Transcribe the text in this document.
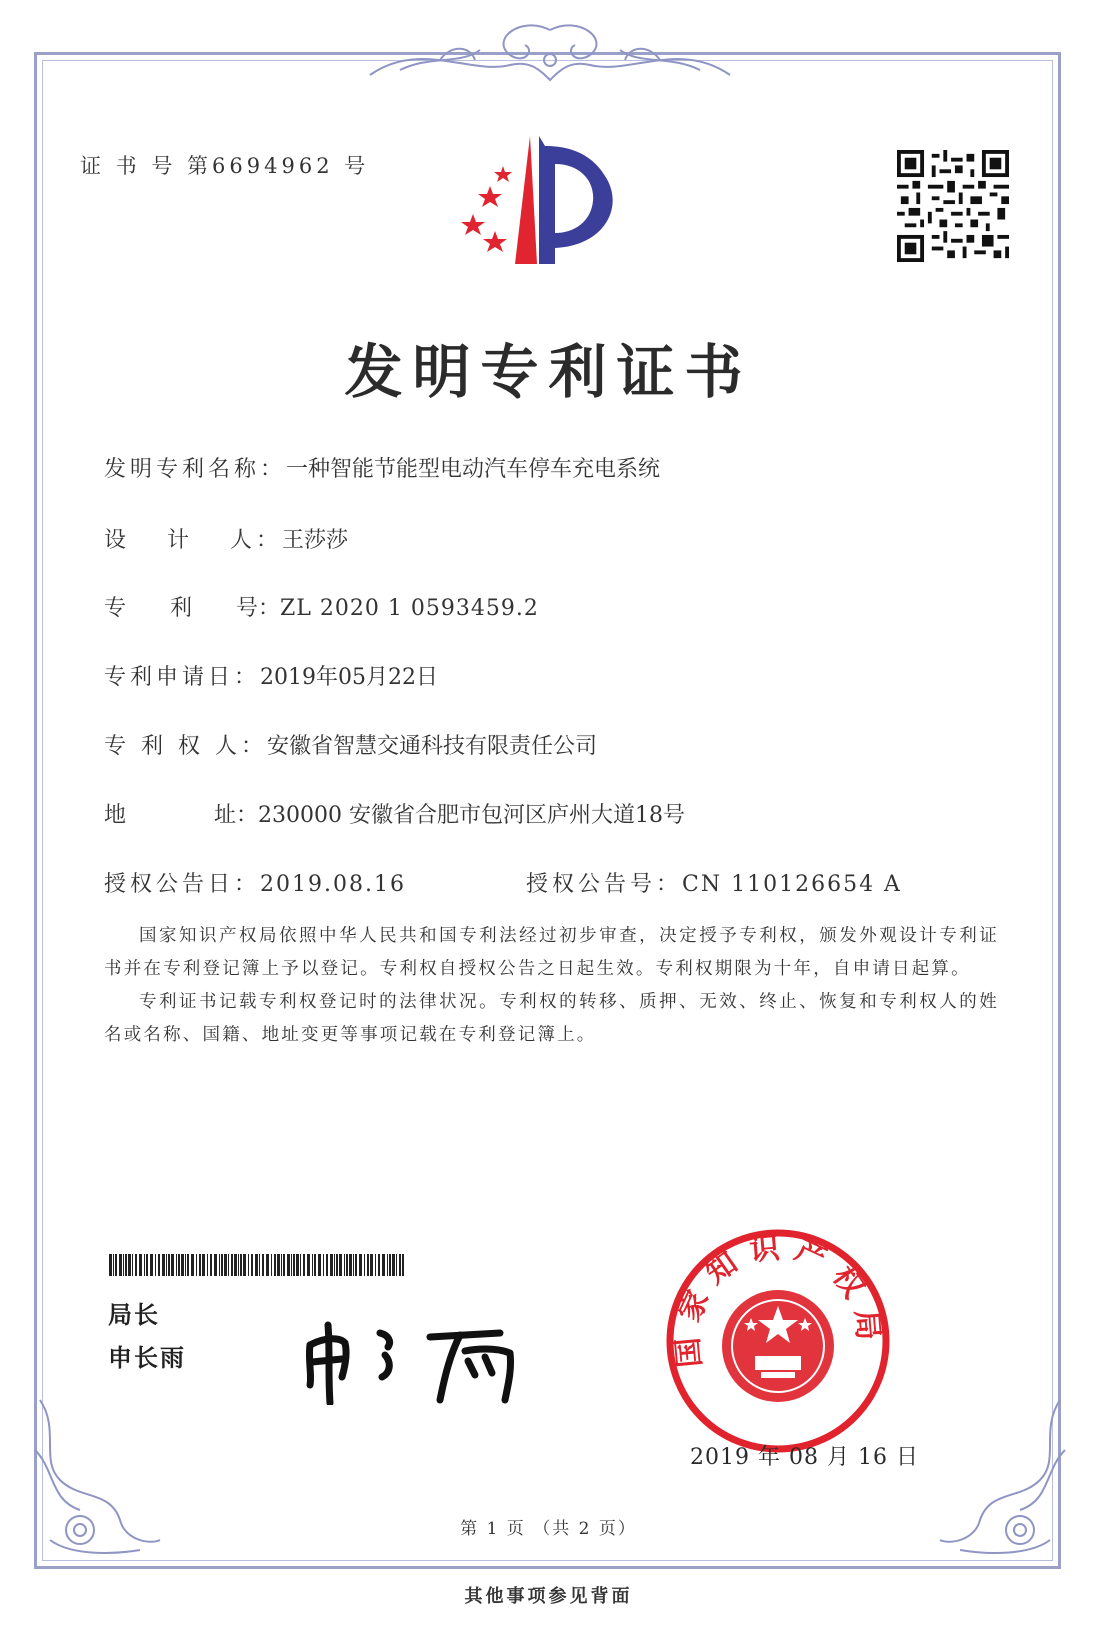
证 书 号 第6694962 号
发明专利证书
发明专利名称：一种智能节能型电动汽车停车充电系统
设　 计　 人：王莎莎
专　　利　　号：ZL 2020 1 0593459.2
专利申请日：2019年05月22日
专 利 权 人：安徽省智慧交通科技有限责任公司
地　　　　址：230000 安徽省合肥市包河区庐州大道18号
授权公告日：2019.08.16	授权公告号：CN 110126654 A

国家知识产权局依照中华人民共和国专利法经过初步审查，决定授予专利权，颁发外观设计专利证书并在专利登记簿上予以登记。专利权自授权公告之日起生效。专利权期限为十年，自申请日起算。

专利证书记载专利权登记时的法律状况。专利权的转移、质押、无效、终止、恢复和专利权人的姓名或名称、国籍、地址变更等事项记载在专利登记簿上。

局长
申长雨	国家知识产权局
2019 年 08 月 16 日
第 1 页 （共 2 页）
其他事项参见背面
